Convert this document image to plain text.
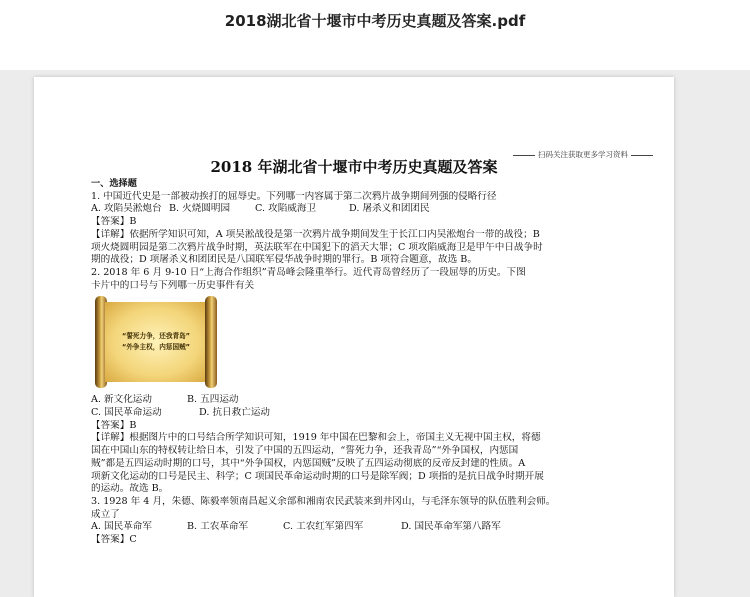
2018湖北省十堰市中考历史真题及答案.pdf
扫码关注获取更多学习资料
2018 年湖北省十堰市中考历史真题及答案
一、选择题
1. 中国近代史是一部被动挨打的屈辱史。下列哪一内容属于第二次鸦片战争期间列强的侵略行径
A. 攻陷吴淞炮台 B. 火烧圆明园	C. 攻陷威海卫	D. 屠杀义和团团民
【答案】B
【详解】依据所学知识可知，A 项吴淞战役是第一次鸦片战争期间发生于长江口内吴淞炮台一带的战役；B
项火烧圆明园是第二次鸦片战争时期，英法联军在中国犯下的滔天大罪；C 项攻陷威海卫是甲午中日战争时
期的战役；D 项屠杀义和团团民是八国联军侵华战争时期的罪行。B 项符合题意，故选 B。
2. 2018 年 6 月 9-10 日“上海合作组织”青岛峰会隆重举行。近代青岛曾经历了一段屈辱的历史。下图
卡片中的口号与下列哪一历史事件有关
“誓死力争，还我青岛”
“外争主权，内惩国贼”
A. 新文化运动	B. 五四运动
C. 国民革命运动	D. 抗日救亡运动
【答案】B
【详解】根据图片中的口号结合所学知识可知，1919 年中国在巴黎和会上，帝国主义无视中国主权，将德
国在中国山东的特权转让给日本，引发了中国的五四运动，“誓死力争，还我青岛”“外争国权，内惩国
贼”都是五四运动时期的口号，其中“外争国权，内惩国贼”反映了五四运动彻底的反帝反封建的性质。A
项新文化运动的口号是民主、科学；C 项国民革命运动时期的口号是除军阀；D 项指的是抗日战争时期开展
的运动。故选 B。
3. 1928 年 4 月，朱德、陈毅率领南昌起义余部和湘南农民武装来到井冈山，与毛泽东领导的队伍胜利会师。
成立了
A. 国民革命军	B. 工农革命军	C. 工农红军第四军	D. 国民革命军第八路军
【答案】C
